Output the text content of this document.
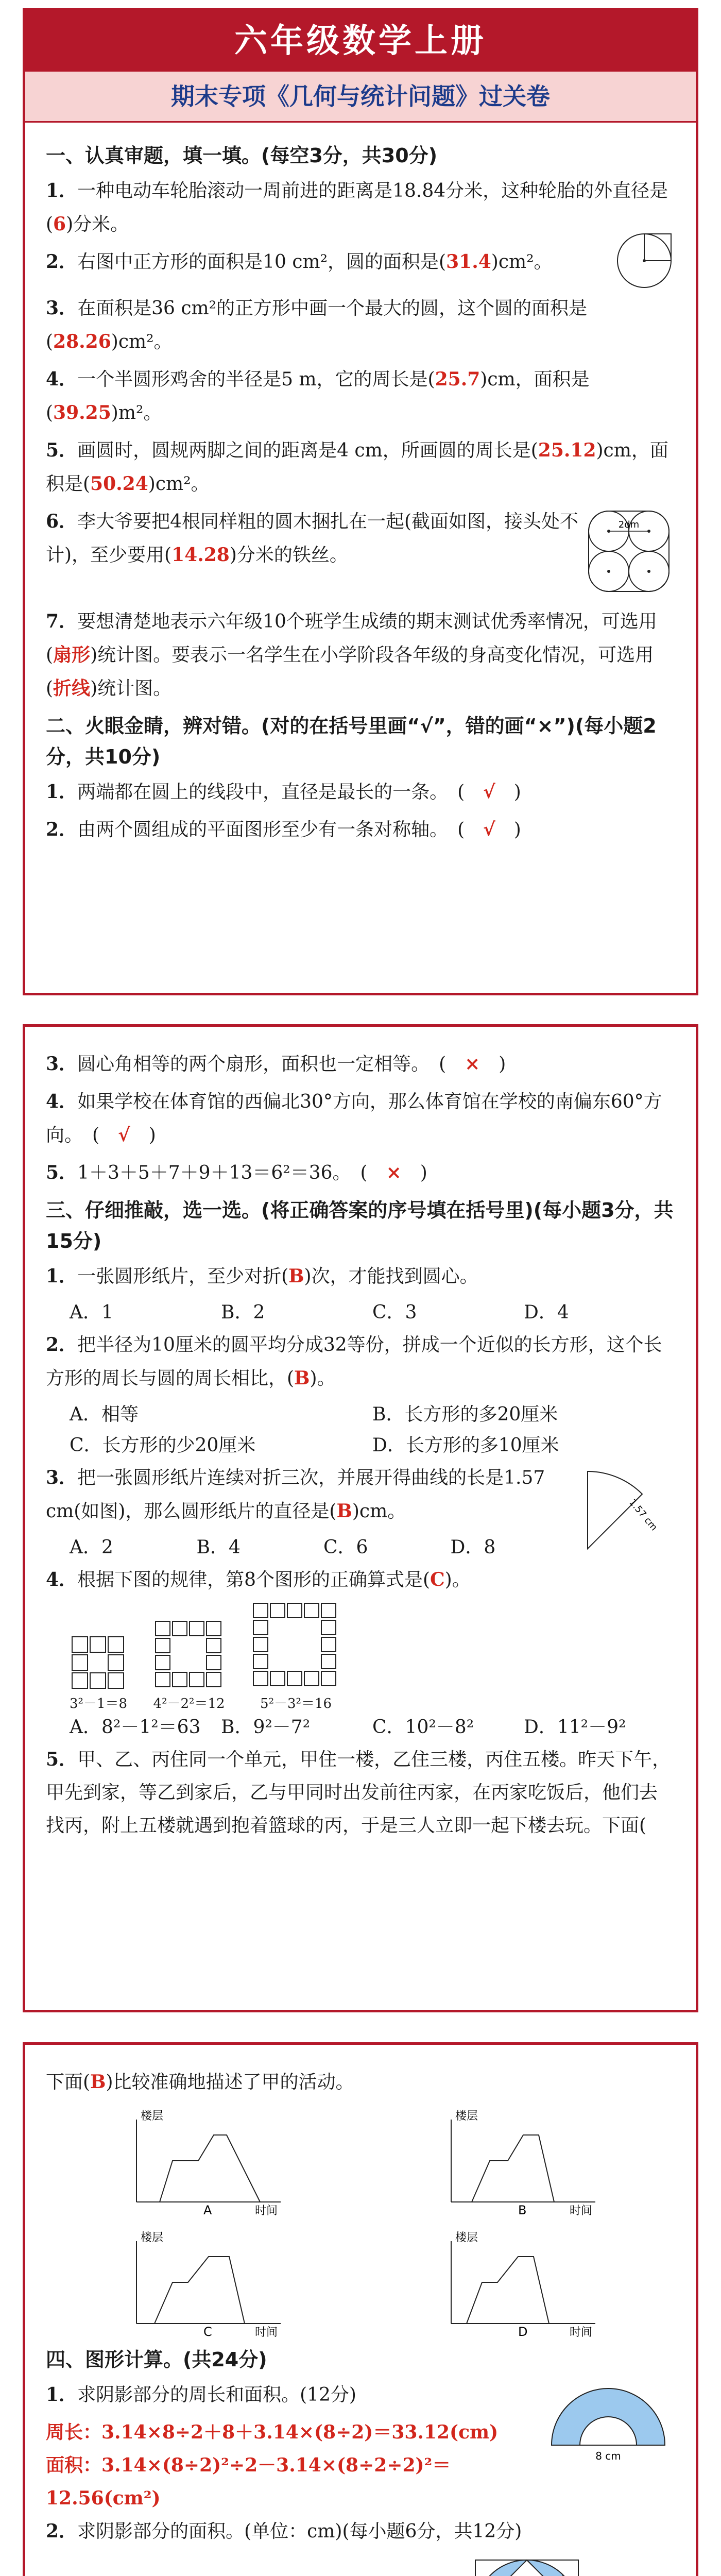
六年级数学上册
期末专项《几何与统计问题》过关卷
一、认真审题，填一填。(每空3分，共30分)
1．一种电动车轮胎滚动一周前进的距离是18.84分米，这种轮胎的外直径是(6)分米。
2．右图中正方形的面积是10 cm²，圆的面积是(31.4)cm²。
3．在面积是36 cm²的正方形中画一个最大的圆，这个圆的面积是(28.26)cm²。
4．一个半圆形鸡舍的半径是5 m，它的周长是(25.7)cm，面积是(39.25)m²。
5．画圆时，圆规两脚之间的距离是4 cm，所画圆的周长是(25.12)cm，面积是(50.24)cm²。
6．李大爷要把4根同样粗的圆木捆扎在一起(截面如图，接头处不计)，至少要用(14.28)分米的铁丝。
2dm
7．要想清楚地表示六年级10个班学生成绩的期末测试优秀率情况，可选用(扇形)统计图。要表示一名学生在小学阶段各年级的身高变化情况，可选用(折线)统计图。
二、火眼金睛，辨对错。(对的在括号里画“√”，错的画“×”)(每小题2分，共10分)
1．两端都在圆上的线段中，直径是最长的一条。　(　√　)
2．由两个圆组成的平面图形至少有一条对称轴。　(　√　)
3．圆心角相等的两个扇形，面积也一定相等。　(　×　)
4．如果学校在体育馆的西偏北30°方向，那么体育馆在学校的南偏东60°方向。　(　√　)
5．1＋3＋5＋7＋9＋13＝6²＝36。　(　×　)
三、仔细推敲，选一选。(将正确答案的序号填在括号里)(每小题3分，共15分)
1．一张圆形纸片，至少对折(B)次，才能找到圆心。
A．1	B．2	C．3	D．4
2．把半径为10厘米的圆平均分成32等份，拼成一个近似的长方形，这个长方形的周长与圆的周长相比，(B)。
A．相等	B．长方形的多20厘米
C．长方形的少20厘米	D．长方形的多10厘米
3．把一张圆形纸片连续对折三次，并展开得曲线的长是1.57 cm(如图)，那么圆形纸片的直径是(B)cm。
A．2	B．4	C．6	D．8
1.57 cm
4．根据下图的规律，第8个图形的正确算式是(C)。
3²－1＝8 4²－2²＝12	5²－3²＝16
A．8²－1²＝63	B．9²－7²	C．10²－8²	D．11²－9²
5．甲、乙、丙住同一个单元，甲住一楼，乙住三楼，丙住五楼。昨天下午，甲先到家，等乙到家后，乙与甲同时出发前往丙家，在丙家吃饭后，他们去找丙，附上五楼就遇到抱着篮球的丙，于是三人立即一起下楼去玩。下面(
下面(B)比较准确地描述了甲的活动。
楼层
时间
A
楼层
时间
C
楼层
时间
B
楼层
时间
D
四、图形计算。(共24分)
1．求阴影部分的周长和面积。(12分)
周长：3.14×8÷2＋8＋3.14×(8÷2)＝33.12(cm)
面积：3.14×(8÷2)²÷2－3.14×(8÷2÷2)²＝12.56(cm²)
8 cm
2．求阴影部分的面积。(单位：cm)(每小题6分，共12分)
